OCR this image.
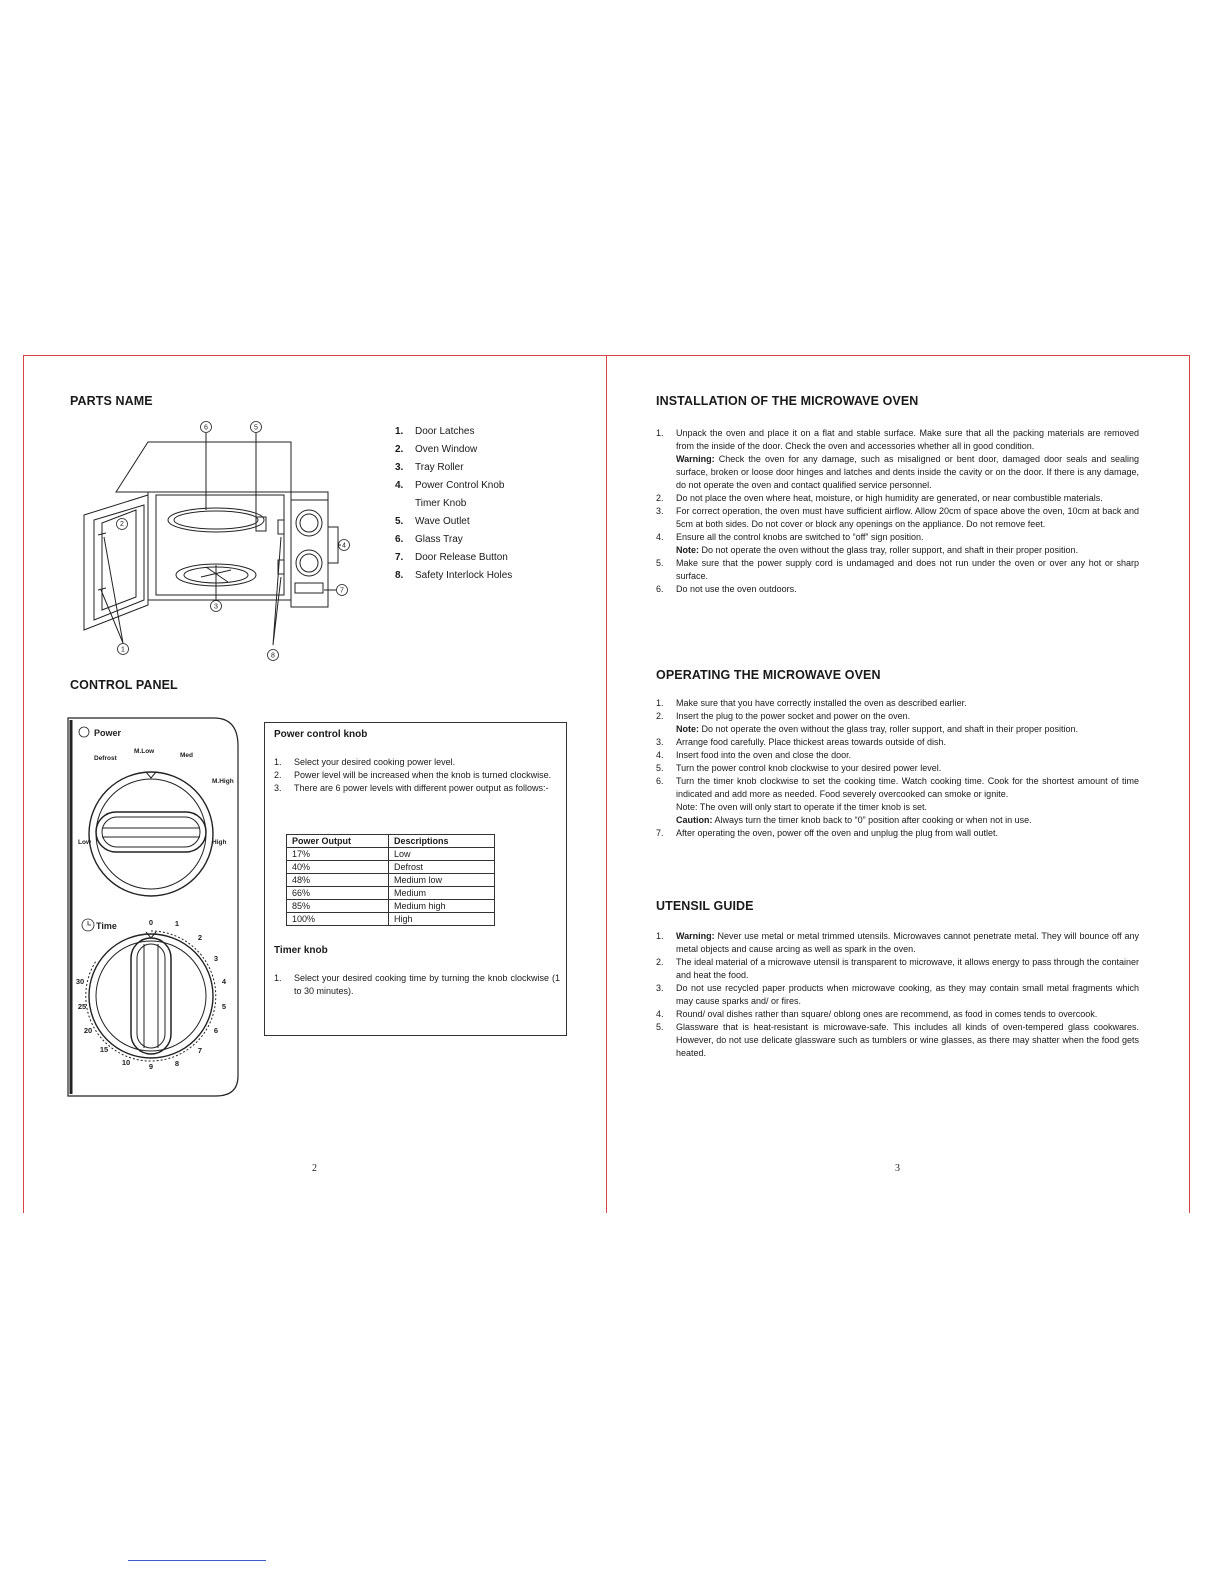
PARTS NAME
6	5
3
4
7
8
1
2
1. Door Latches
2. Oven Window
3. Tray Roller
4. Power Control Knob
Timer Knob
5. Wave Outlet
6. Glass Tray
7. Door Release Button
8. Safety Interlock Holes
CONTROL PANEL
Power
Defrost
M.Low
Med
M.High
Low	High
Time	0	1
2
3
4
5
6
7
8
9
10
15
20
25
30
Power control knob
1. Select your desired cooking power level.
2. Power level will be increased when the knob is turned clockwise.
3. There are 6 power levels with different power output as follows:-
Power Output	Descriptions
17%	Low
40%	Defrost
48%	Medium low
66%	Medium
85%	Medium high
100%	High
Timer knob
1. Select your desired cooking time by turning the knob clockwise (1 to 30 minutes).
2
INSTALLATION OF THE MICROWAVE OVEN
1. Unpack the oven and place it on a flat and stable surface. Make sure that all the packing materials are removed from the inside of the door. Check the oven and accessories whether all in good condition.
Warning: Check the oven for any damage, such as misaligned or bent door, damaged door seals and sealing surface, broken or loose door hinges and latches and dents inside the cavity or on the door. If there is any damage, do not operate the oven and contact qualified service personnel.
2. Do not place the oven where heat, moisture, or high humidity are generated, or near combustible materials.
3. For correct operation, the oven must have sufficient airflow. Allow 20cm of space above the oven, 10cm at back and 5cm at both sides. Do not cover or block any openings on the appliance. Do not remove feet.
4. Ensure all the control knobs are switched to “off” sign position.
Note: Do not operate the oven without the glass tray, roller support, and shaft in their proper position.
5. Make sure that the power supply cord is undamaged and does not run under the oven or over any hot or sharp surface.
6. Do not use the oven outdoors.
OPERATING THE MICROWAVE OVEN
1. Make sure that you have correctly installed the oven as described earlier.
2. Insert the plug to the power socket and power on the oven.
Note: Do not operate the oven without the glass tray, roller support, and shaft in their proper position.
3. Arrange food carefully. Place thickest areas towards outside of dish.
4. Insert food into the oven and close the door.
5. Turn the power control knob clockwise to your desired power level.
6. Turn the timer knob clockwise to set the cooking time. Watch cooking time. Cook for the shortest amount of time indicated and add more as needed. Food severely overcooked can smoke or ignite.
Note: The oven will only start to operate if the timer knob is set.
Caution: Always turn the timer knob back to “0” position after cooking or when not in use.
7. After operating the oven, power off the oven and unplug the plug from wall outlet.
UTENSIL GUIDE
1. Warning: Never use metal or metal trimmed utensils. Microwaves cannot penetrate metal. They will bounce off any metal objects and cause arcing as well as spark in the oven.
2. The ideal material of a microwave utensil is transparent to microwave, it allows energy to pass through the container and heat the food.
3. Do not use recycled paper products when microwave cooking, as they may contain small metal fragments which may cause sparks and/ or fires.
4. Round/ oval dishes rather than square/ oblong ones are recommend, as food in comes tends to overcook.
5. Glassware that is heat-resistant is microwave-safe. This includes all kinds of oven-tempered glass cookwares. However, do not use delicate glassware such as tumblers or wine glasses, as there may shatter when the food gets heated.
3
